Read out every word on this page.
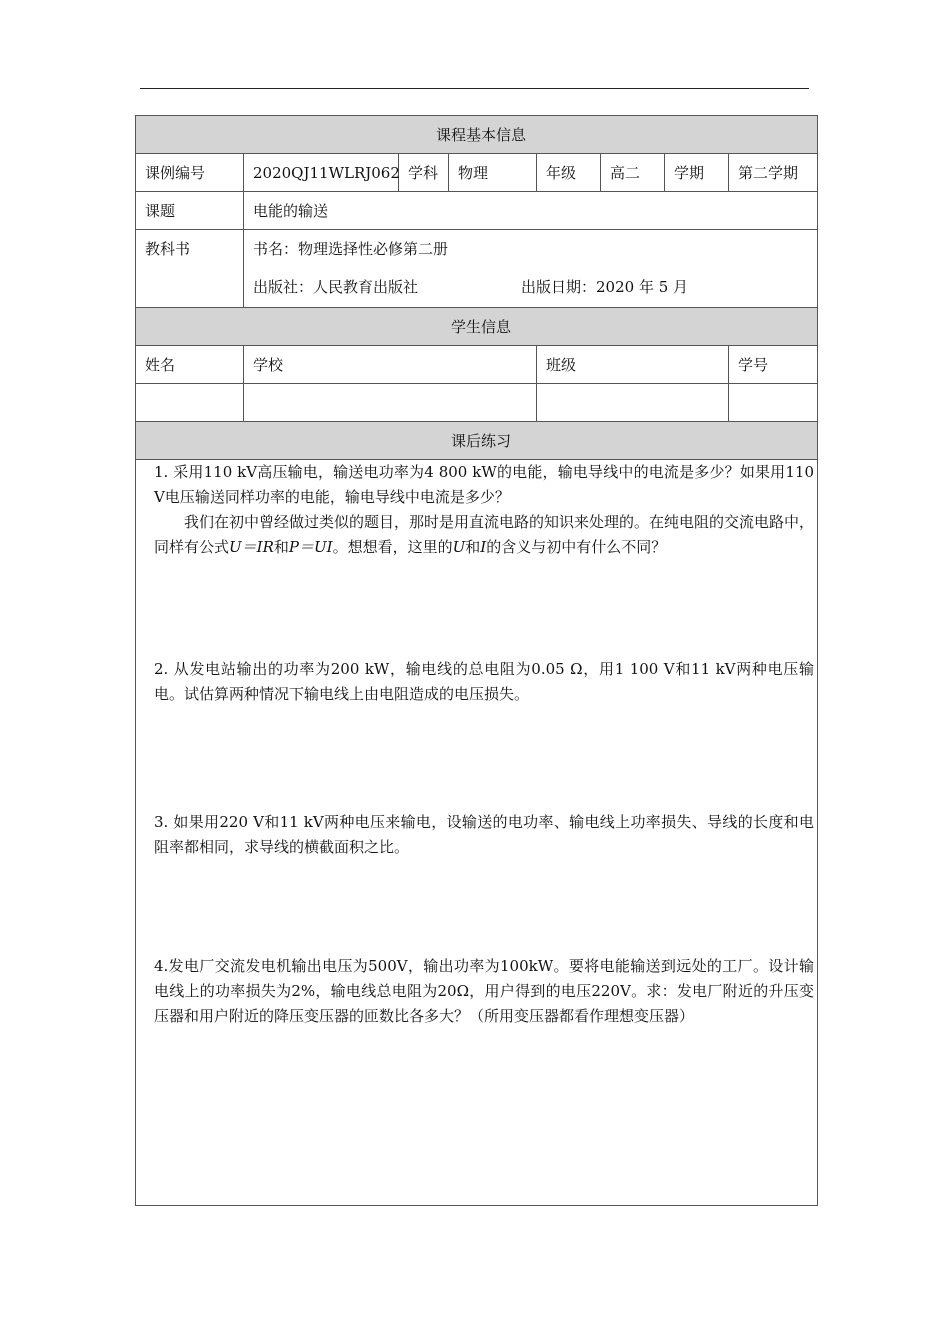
课程基本信息							
课例编号	2020QJ11WLRJ062	学科	物理	年级	高二	学期	第二学期
课题	电能的输送						

教科书	书名：物理选择性必修第二册
出版社：人民教育出版社 出版日期：2020 年 5 月						

学生信息							
姓名	学校			班级			学号

课后练习							

1. 采用110 kV高压输电，输送电功率为4 800 kW的电能，输电导线中的电流是多少？如果用110 V电压输送同样功率的电能，输电导线中电流是多少？

我们在初中曾经做过类似的题目，那时是用直流电路的知识来处理的。在纯电阻的交流电路中，同样有公式U＝IR和P＝UI。想想看，这里的U和I的含义与初中有什么不同？

2. 从发电站输出的功率为200 kW，输电线的总电阻为0.05 Ω，用1 100 V和11 kV两种电压输电。试估算两种情况下输电线上由电阻造成的电压损失。
3. 如果用220 V和11 kV两种电压来输电，设输送的电功率、输电线上功率损失、导线的长度和电阻率都相同，求导线的横截面积之比。
4.发电厂交流发电机输出电压为500V，输出功率为100kW。要将电能输送到远处的工厂。设计输电线上的功率损失为2%，输电线总电阻为20Ω，用户得到的电压220V。求：发电厂附近的升压变压器和用户附近的降压变压器的匝数比各多大？（所用变压器都看作理想变压器）							
